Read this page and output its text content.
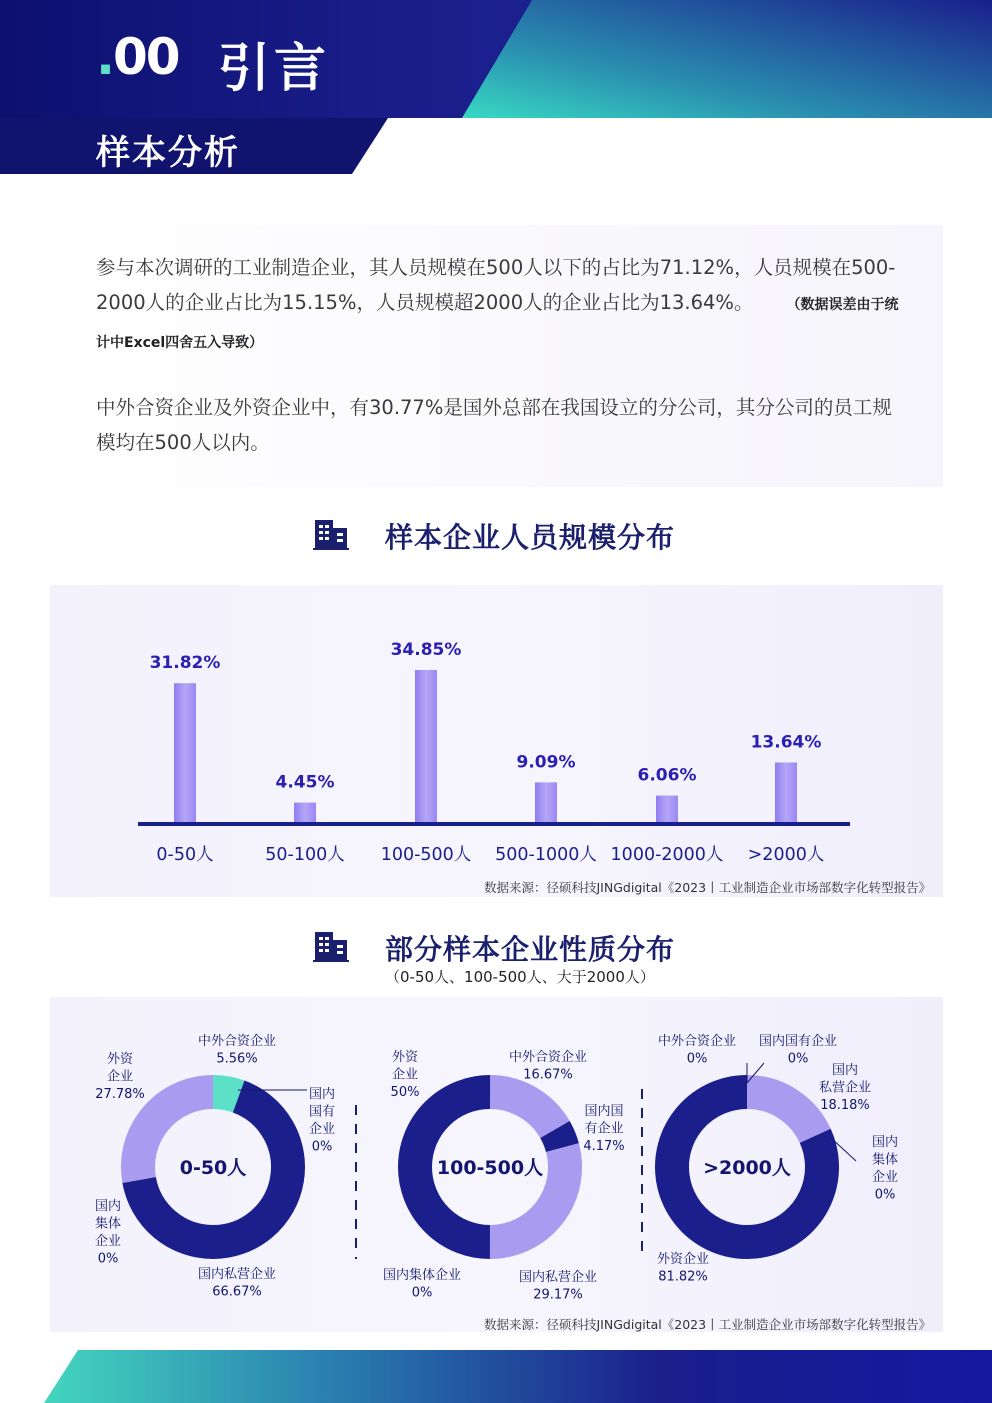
.00 引言
样本分析
参与本次调研的工业制造企业，其人员规模在500人以下的占比为71.12%，人员规模在500-2000人的企业占比为15.15%，人员规模超2000人的企业占比为13.64%。	（数据误差由于统计中Excel四舍五入导致）
中外合资企业及外资企业中，有30.77%是国外总部在我国设立的分公司，其分公司的员工规模均在500人以内。
样本企业人员规模分布
31.82%
0-50人
4.45%
50-100人
34.85%
100-500人
9.09%
500-1000人
6.06%
1000-2000人
13.64%
>2000人
数据来源：径硕科技JINGdigital《2023丨工业制造企业市场部数字化转型报告》
部分样本企业性质分布
（0-50人、100-500人、大于2000人）
0-50人	100-500人	>2000人
中外合资企业 5.56%
国内国有企业 0%
国内私营企业 66.67%
国内集体企业 0%
外资企业 27.78%
中外合资企业 16.67%
国内国有企业 4.17%
国内私营企业 29.17%
国内集体企业 0%
外资企业 50%
中外合资企业 0%
国内国有企业 0%
国内私营企业 18.18%
国内集体企业 0%
外资企业 81.82%
数据来源：径硕科技JINGdigital《2023丨工业制造企业市场部数字化转型报告》
